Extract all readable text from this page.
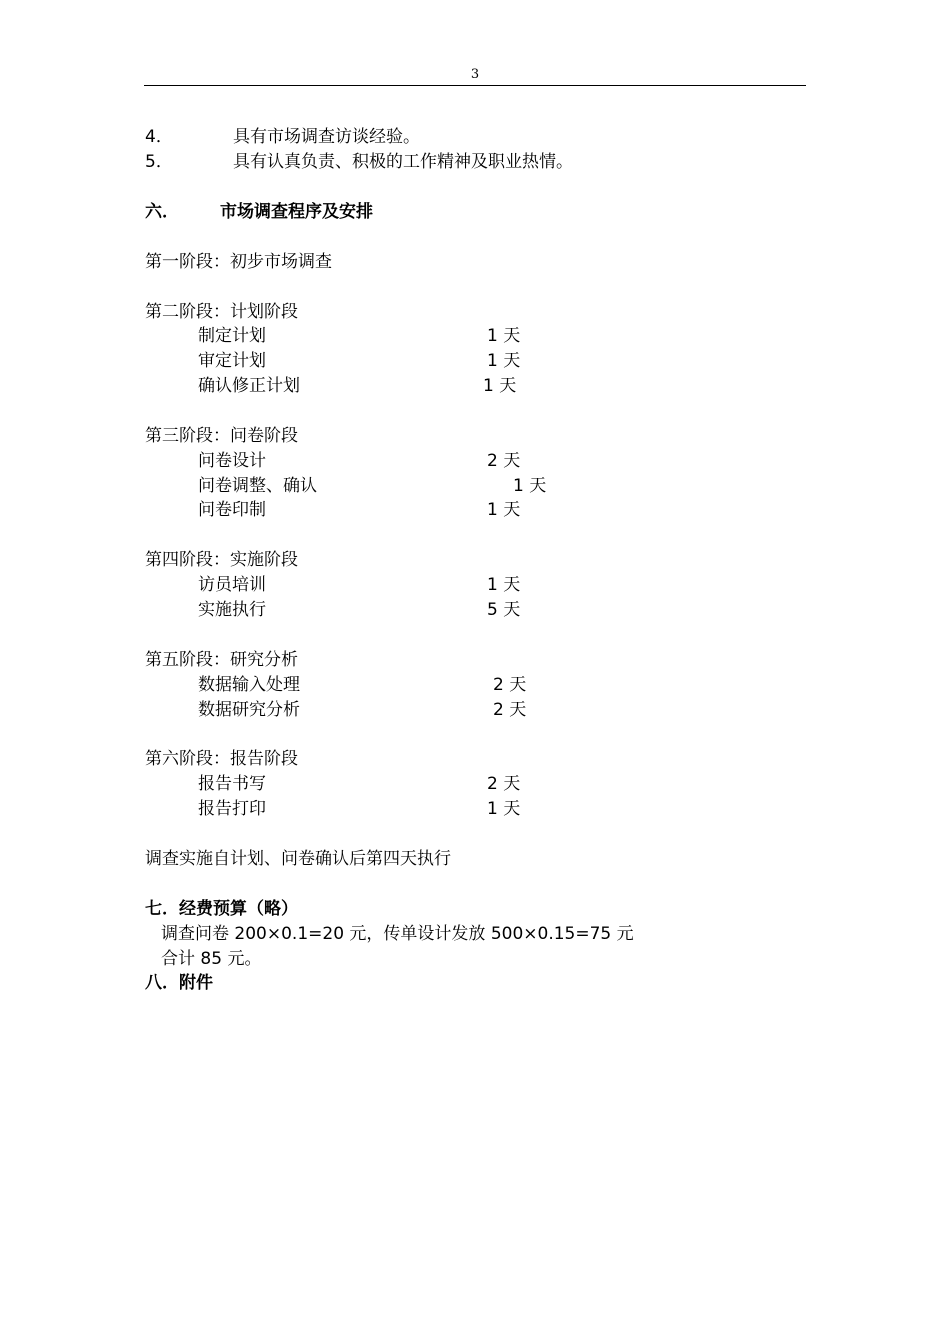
3
4．	具有市场调查访谈经验。
5．	具有认真负责、积极的工作精神及职业热情。
六． 市场调查程序及安排
第一阶段：初步市场调查
第二阶段：计划阶段
制定计划	1 天
审定计划	1 天
确认修正计划	1 天
第三阶段：问卷阶段
问卷设计	2 天
问卷调整、确认	1 天
问卷印制	1 天
第四阶段：实施阶段
访员培训	1 天
实施执行	5 天
第五阶段：研究分析
数据输入处理	2 天
数据研究分析	2 天
第六阶段：报告阶段
报告书写	2 天
报告打印	1 天
调查实施自计划、问卷确认后第四天执行
七．经费预算（略）
调查问卷 200×0.1=20 元，传单设计发放 500×0.15=75 元
合计 85 元。
八．附件
